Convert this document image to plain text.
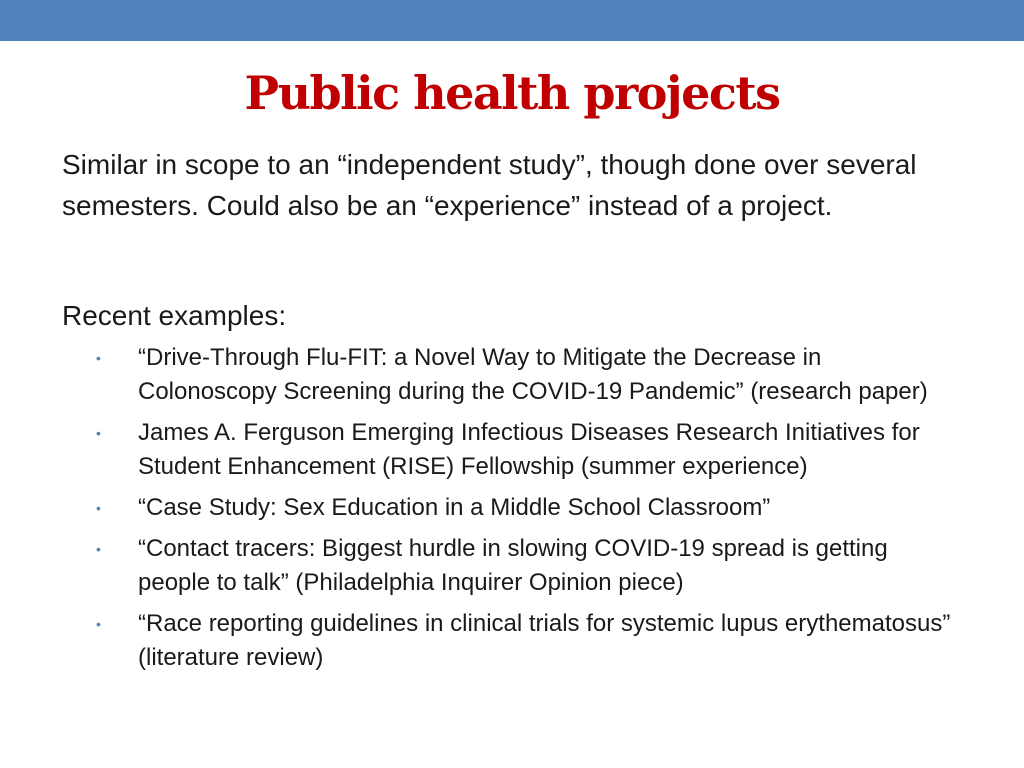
Public health projects

Similar in scope to an “independent study”, though done over several semesters. Could also be an “experience” instead of a project.

Recent examples:

• “Drive-Through Flu-FIT: a Novel Way to Mitigate the Decrease in Colonoscopy Screening during the COVID-19 Pandemic” (research paper)
• James A. Ferguson Emerging Infectious Diseases Research Initiatives for Student Enhancement (RISE) Fellowship (summer experience)
• “Case Study: Sex Education in a Middle School Classroom”
• “Contact tracers: Biggest hurdle in slowing COVID-19 spread is getting people to talk” (Philadelphia Inquirer Opinion piece)
• “Race reporting guidelines in clinical trials for systemic lupus erythematosus” (literature review)
